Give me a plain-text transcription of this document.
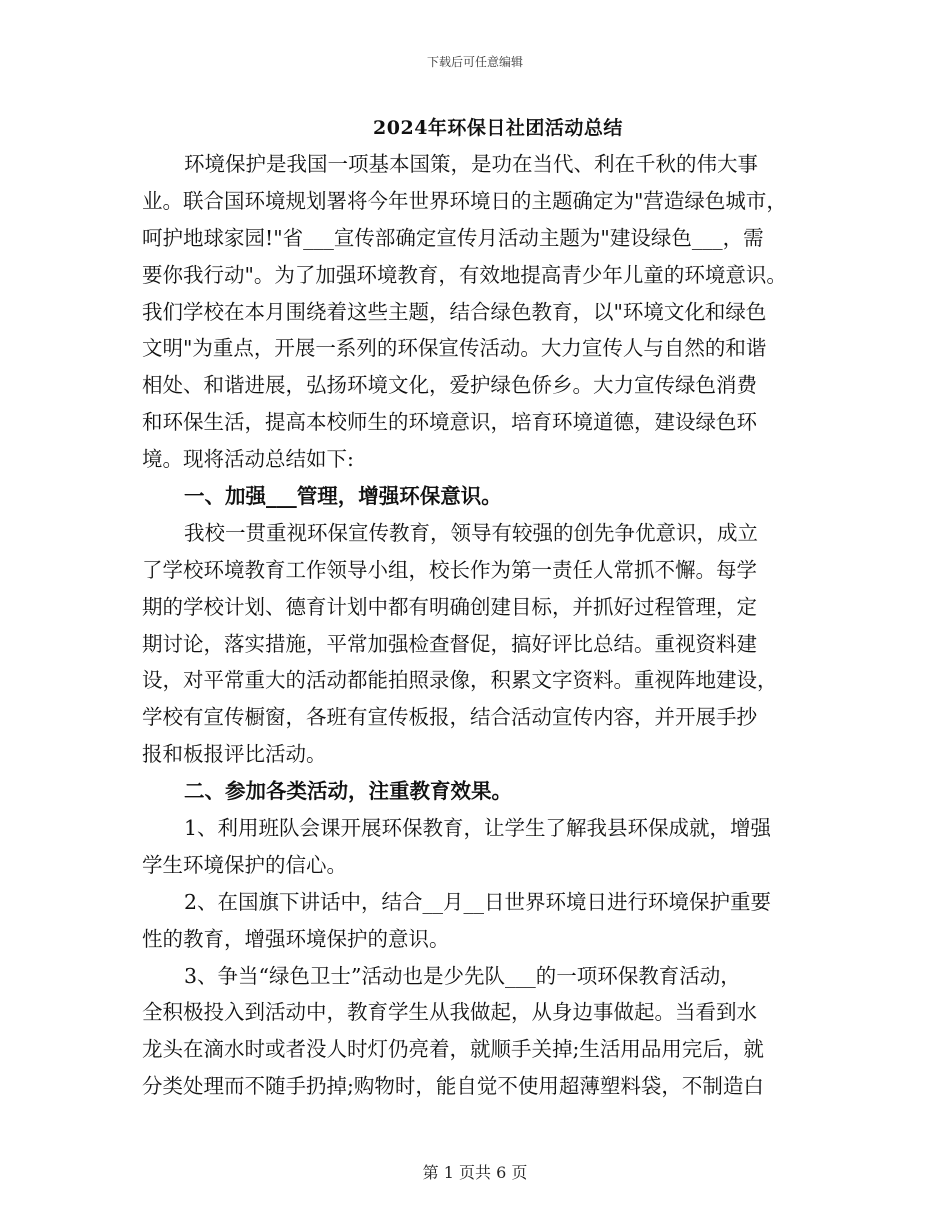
下载后可任意编辑
2024年环保日社团活动总结
环境保护是我国一项基本国策，是功在当代、利在千秋的伟大事
业。联合国环境规划署将今年世界环境日的主题确定为"营造绿色城市，
呵护地球家园!"省___宣传部确定宣传月活动主题为"建设绿色___，需
要你我行动"。为了加强环境教育，有效地提高青少年儿童的环境意识。
我们学校在本月围绕着这些主题，结合绿色教育，以"环境文化和绿色
文明"为重点，开展一系列的环保宣传活动。大力宣传人与自然的和谐
相处、和谐进展，弘扬环境文化，爱护绿色侨乡。大力宣传绿色消费
和环保生活，提高本校师生的环境意识，培育环境道德，建设绿色环
境。现将活动总结如下:
一、加强___管理，增强环保意识。
我校一贯重视环保宣传教育，领导有较强的创先争优意识，成立
了学校环境教育工作领导小组，校长作为第一责任人常抓不懈。每学
期的学校计划、德育计划中都有明确创建目标，并抓好过程管理，定
期讨论，落实措施，平常加强检查督促，搞好评比总结。重视资料建
设，对平常重大的活动都能拍照录像，积累文字资料。重视阵地建设，
学校有宣传橱窗，各班有宣传板报，结合活动宣传内容，并开展手抄
报和板报评比活动。
二、参加各类活动，注重教育效果。
1、利用班队会课开展环保教育，让学生了解我县环保成就，增强
学生环境保护的信心。
2、在国旗下讲话中，结合__月__日世界环境日进行环境保护重要
性的教育，增强环境保护的意识。
3、争当“绿色卫士”活动也是少先队___的一项环保教育活动，
全积极投入到活动中，教育学生从我做起，从身边事做起。当看到水
龙头在滴水时或者没人时灯仍亮着，就顺手关掉;生活用品用完后，就
分类处理而不随手扔掉;购物时，能自觉不使用超薄塑料袋，不制造白
第 1 页共 6 页
